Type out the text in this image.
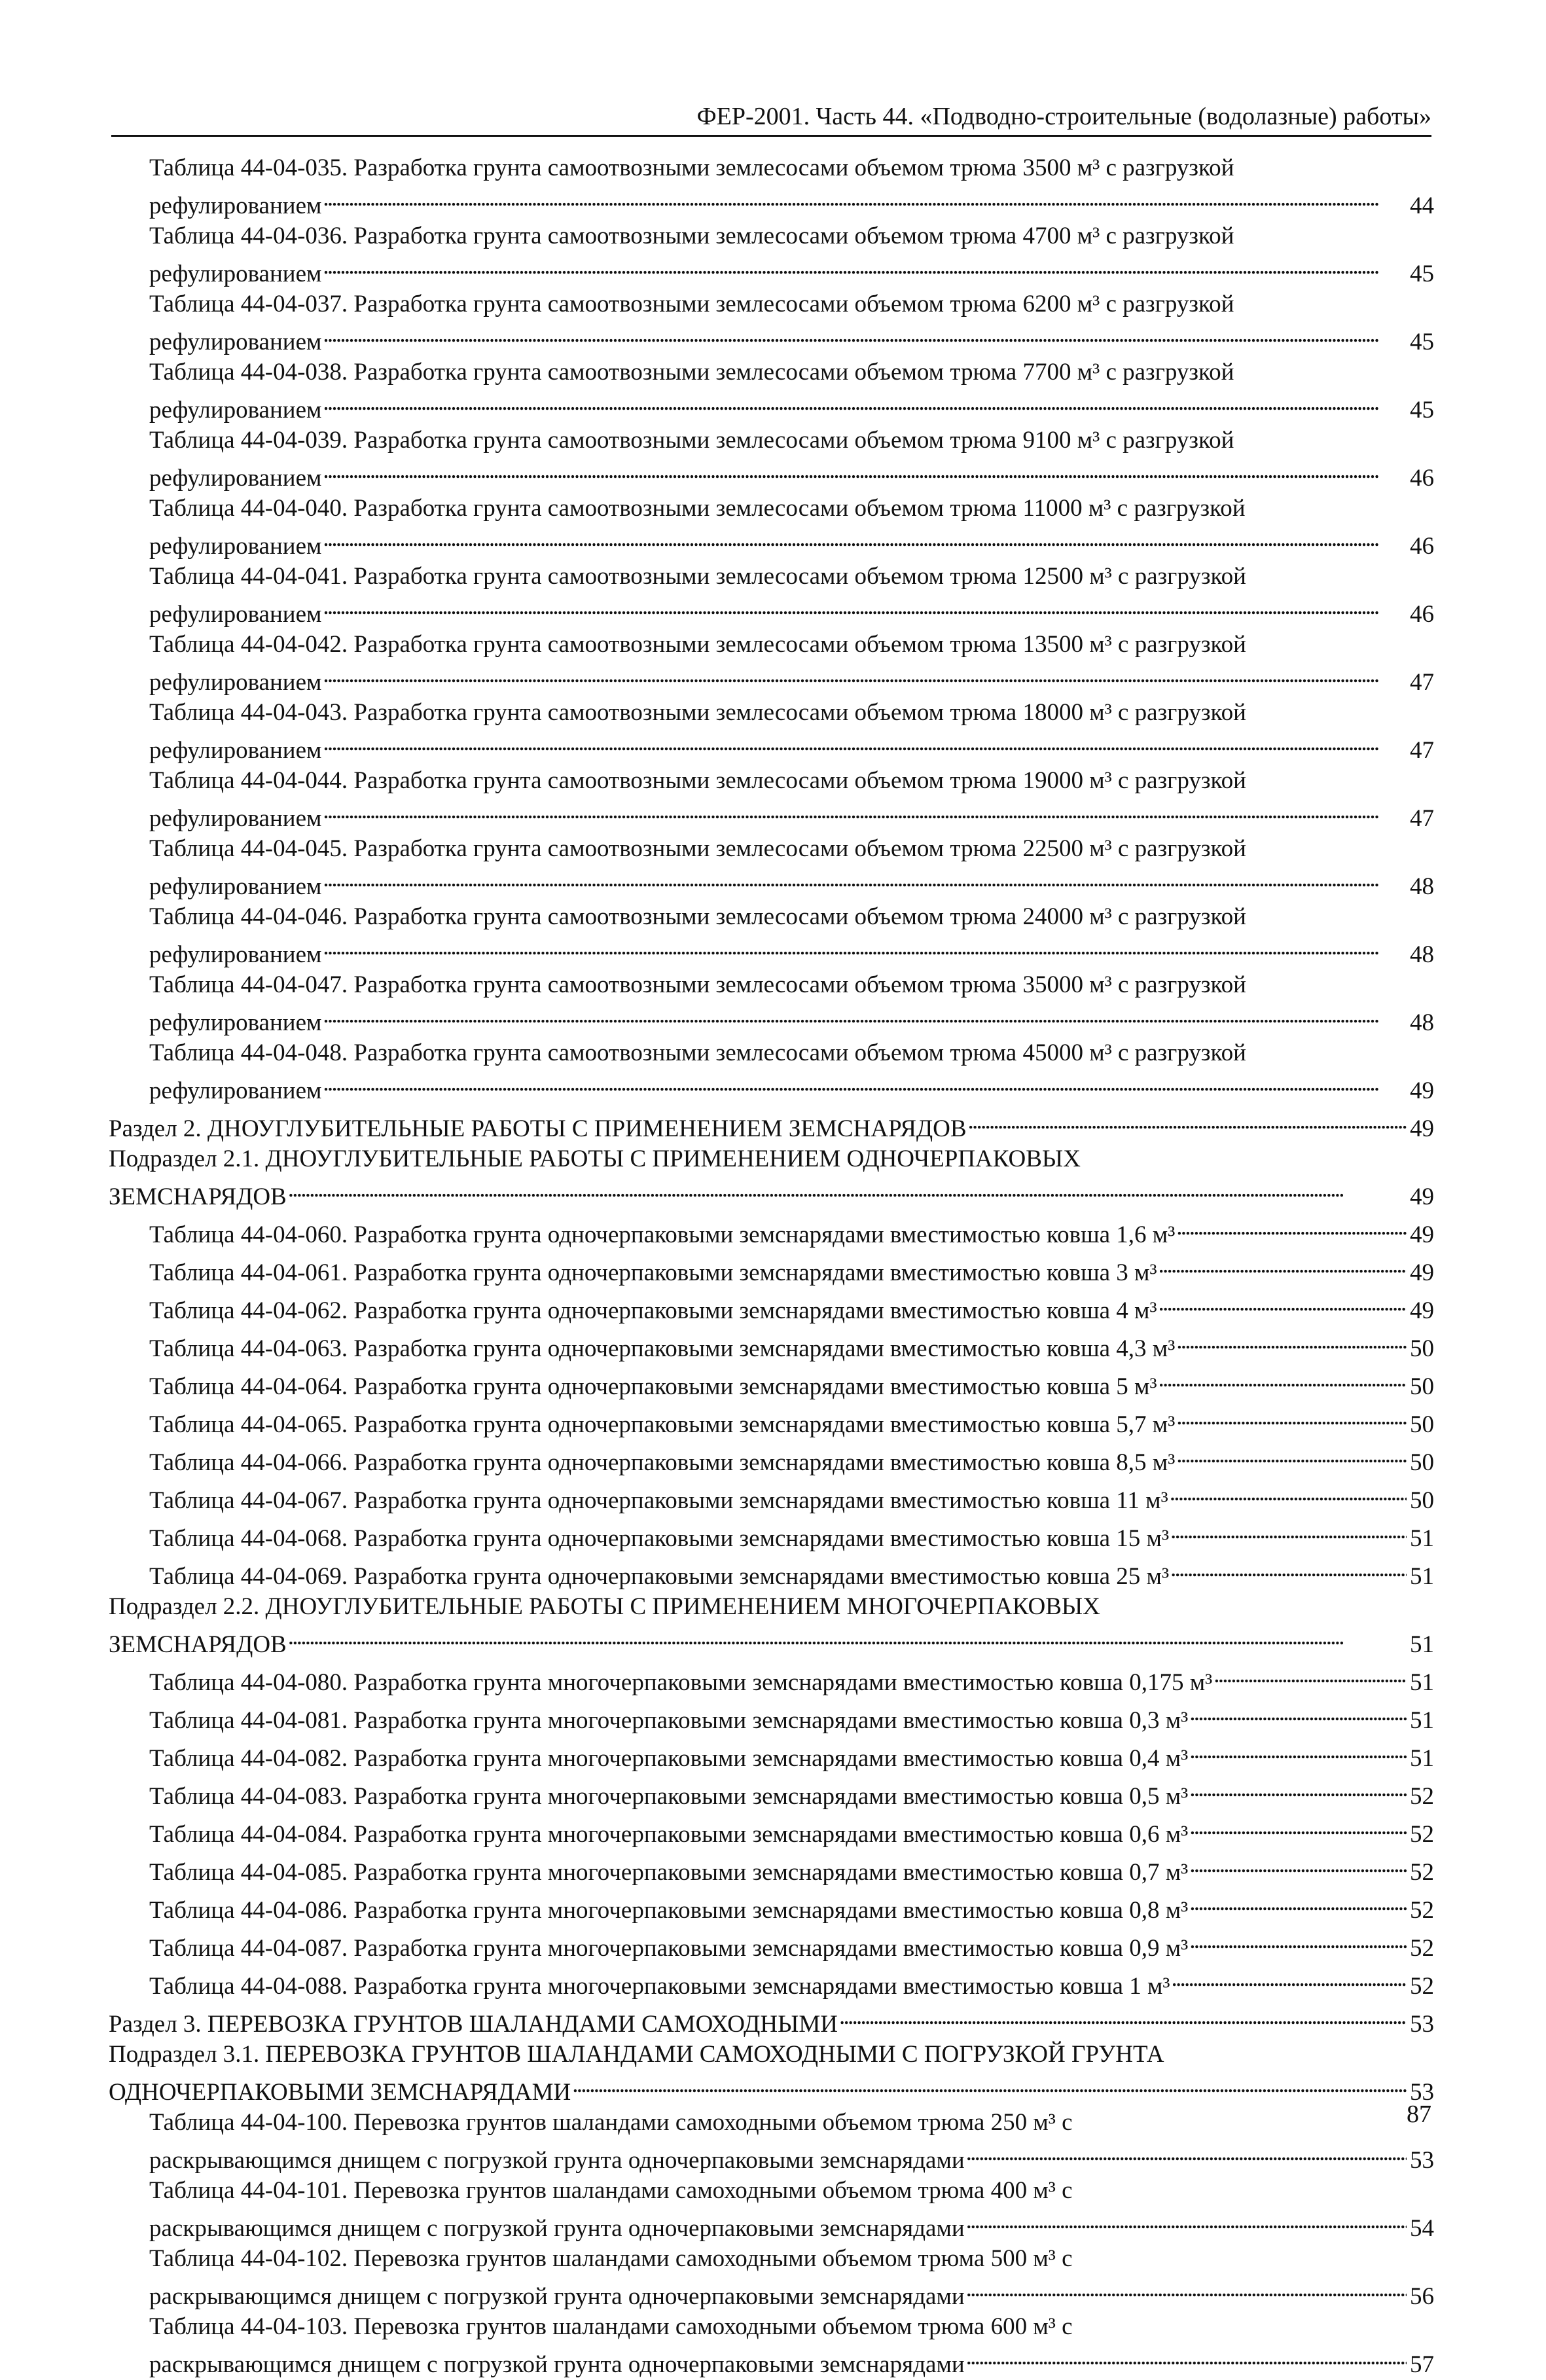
ФЕР-2001. Часть 44. «Подводно-строительные (водолазные) работы»
Таблица 44-04-035. Разработка грунта самоотвозными землесосами объемом трюма 3500 м³ с разгрузкой
рефулированием . . .	44
Таблица 44-04-036. Разработка грунта самоотвозными землесосами объемом трюма 4700 м³ с разгрузкой
рефулированием . . .	45
Таблица 44-04-037. Разработка грунта самоотвозными землесосами объемом трюма 6200 м³ с разгрузкой
рефулированием . . .	45
Таблица 44-04-038. Разработка грунта самоотвозными землесосами объемом трюма 7700 м³ с разгрузкой
рефулированием . . .	45
Таблица 44-04-039. Разработка грунта самоотвозными землесосами объемом трюма 9100 м³ с разгрузкой
рефулированием . . .	46
Таблица 44-04-040. Разработка грунта самоотвозными землесосами объемом трюма 11000 м³ с разгрузкой
рефулированием . . .	46
Таблица 44-04-041. Разработка грунта самоотвозными землесосами объемом трюма 12500 м³ с разгрузкой
рефулированием . . .	46
Таблица 44-04-042. Разработка грунта самоотвозными землесосами объемом трюма 13500 м³ с разгрузкой
рефулированием . . .	47
Таблица 44-04-043. Разработка грунта самоотвозными землесосами объемом трюма 18000 м³ с разгрузкой
рефулированием . . .	47
Таблица 44-04-044. Разработка грунта самоотвозными землесосами объемом трюма 19000 м³ с разгрузкой
рефулированием . . .	47
Таблица 44-04-045. Разработка грунта самоотвозными землесосами объемом трюма 22500 м³ с разгрузкой
рефулированием . . .	48
Таблица 44-04-046. Разработка грунта самоотвозными землесосами объемом трюма 24000 м³ с разгрузкой
рефулированием . . .	48
Таблица 44-04-047. Разработка грунта самоотвозными землесосами объемом трюма 35000 м³ с разгрузкой
рефулированием . . .	48
Таблица 44-04-048. Разработка грунта самоотвозными землесосами объемом трюма 45000 м³ с разгрузкой
рефулированием . . .	49
Раздел 2. ДНОУГЛУБИТЕЛЬНЫЕ РАБОТЫ С ПРИМЕНЕНИЕМ ЗЕМСНАРЯДОВ . . .	49
Подраздел 2.1. ДНОУГЛУБИТЕЛЬНЫЕ РАБОТЫ С ПРИМЕНЕНИЕМ ОДНОЧЕРПАКОВЫХ
ЗЕМСНАРЯДОВ . . .	49
Таблица 44-04-060. Разработка грунта одночерпаковыми земснарядами вместимостью ковша 1,6 м³ . . .	49
Таблица 44-04-061. Разработка грунта одночерпаковыми земснарядами вместимостью ковша 3 м³ . . .	49
Таблица 44-04-062. Разработка грунта одночерпаковыми земснарядами вместимостью ковша 4 м³ . . .	49
Таблица 44-04-063. Разработка грунта одночерпаковыми земснарядами вместимостью ковша 4,3 м³ . . .	50
Таблица 44-04-064. Разработка грунта одночерпаковыми земснарядами вместимостью ковша 5 м³ . . .	50
Таблица 44-04-065. Разработка грунта одночерпаковыми земснарядами вместимостью ковша 5,7 м³ . . .	50
Таблица 44-04-066. Разработка грунта одночерпаковыми земснарядами вместимостью ковша 8,5 м³ . . .	50
Таблица 44-04-067. Разработка грунта одночерпаковыми земснарядами вместимостью ковша 11 м³ . . .	50
Таблица 44-04-068. Разработка грунта одночерпаковыми земснарядами вместимостью ковша 15 м³ . . .	51
Таблица 44-04-069. Разработка грунта одночерпаковыми земснарядами вместимостью ковша 25 м³ . . .	51
Подраздел 2.2. ДНОУГЛУБИТЕЛЬНЫЕ РАБОТЫ С ПРИМЕНЕНИЕМ МНОГОЧЕРПАКОВЫХ
ЗЕМСНАРЯДОВ . . .	51
Таблица 44-04-080. Разработка грунта многочерпаковыми земснарядами вместимостью ковша 0,175 м³ . . .	51
Таблица 44-04-081. Разработка грунта многочерпаковыми земснарядами вместимостью ковша 0,3 м³ . . .	51
Таблица 44-04-082. Разработка грунта многочерпаковыми земснарядами вместимостью ковша 0,4 м³ . . .	51
Таблица 44-04-083. Разработка грунта многочерпаковыми земснарядами вместимостью ковша 0,5 м³ . . .	52
Таблица 44-04-084. Разработка грунта многочерпаковыми земснарядами вместимостью ковша 0,6 м³ . . .	52
Таблица 44-04-085. Разработка грунта многочерпаковыми земснарядами вместимостью ковша 0,7 м³ . . .	52
Таблица 44-04-086. Разработка грунта многочерпаковыми земснарядами вместимостью ковша 0,8 м³ . . .	52
Таблица 44-04-087. Разработка грунта многочерпаковыми земснарядами вместимостью ковша 0,9 м³ . . .	52
Таблица 44-04-088. Разработка грунта многочерпаковыми земснарядами вместимостью ковша 1 м³ . . .	52
Раздел 3. ПЕРЕВОЗКА ГРУНТОВ ШАЛАНДАМИ САМОХОДНЫМИ . . .	53
Подраздел 3.1. ПЕРЕВОЗКА ГРУНТОВ ШАЛАНДАМИ САМОХОДНЫМИ С ПОГРУЗКОЙ ГРУНТА
ОДНОЧЕРПАКОВЫМИ ЗЕМСНАРЯДАМИ . . .	53
Таблица 44-04-100. Перевозка грунтов шаландами самоходными объемом трюма 250 м³ с
раскрывающимся днищем с погрузкой грунта одночерпаковыми земснарядами . . .	53
Таблица 44-04-101. Перевозка грунтов шаландами самоходными объемом трюма 400 м³ с
раскрывающимся днищем с погрузкой грунта одночерпаковыми земснарядами . . .	54
Таблица 44-04-102. Перевозка грунтов шаландами самоходными объемом трюма 500 м³ с
раскрывающимся днищем с погрузкой грунта одночерпаковыми земснарядами . . .	56
Таблица 44-04-103. Перевозка грунтов шаландами самоходными объемом трюма 600 м³ с
раскрывающимся днищем с погрузкой грунта одночерпаковыми земснарядами . . .	57
87
